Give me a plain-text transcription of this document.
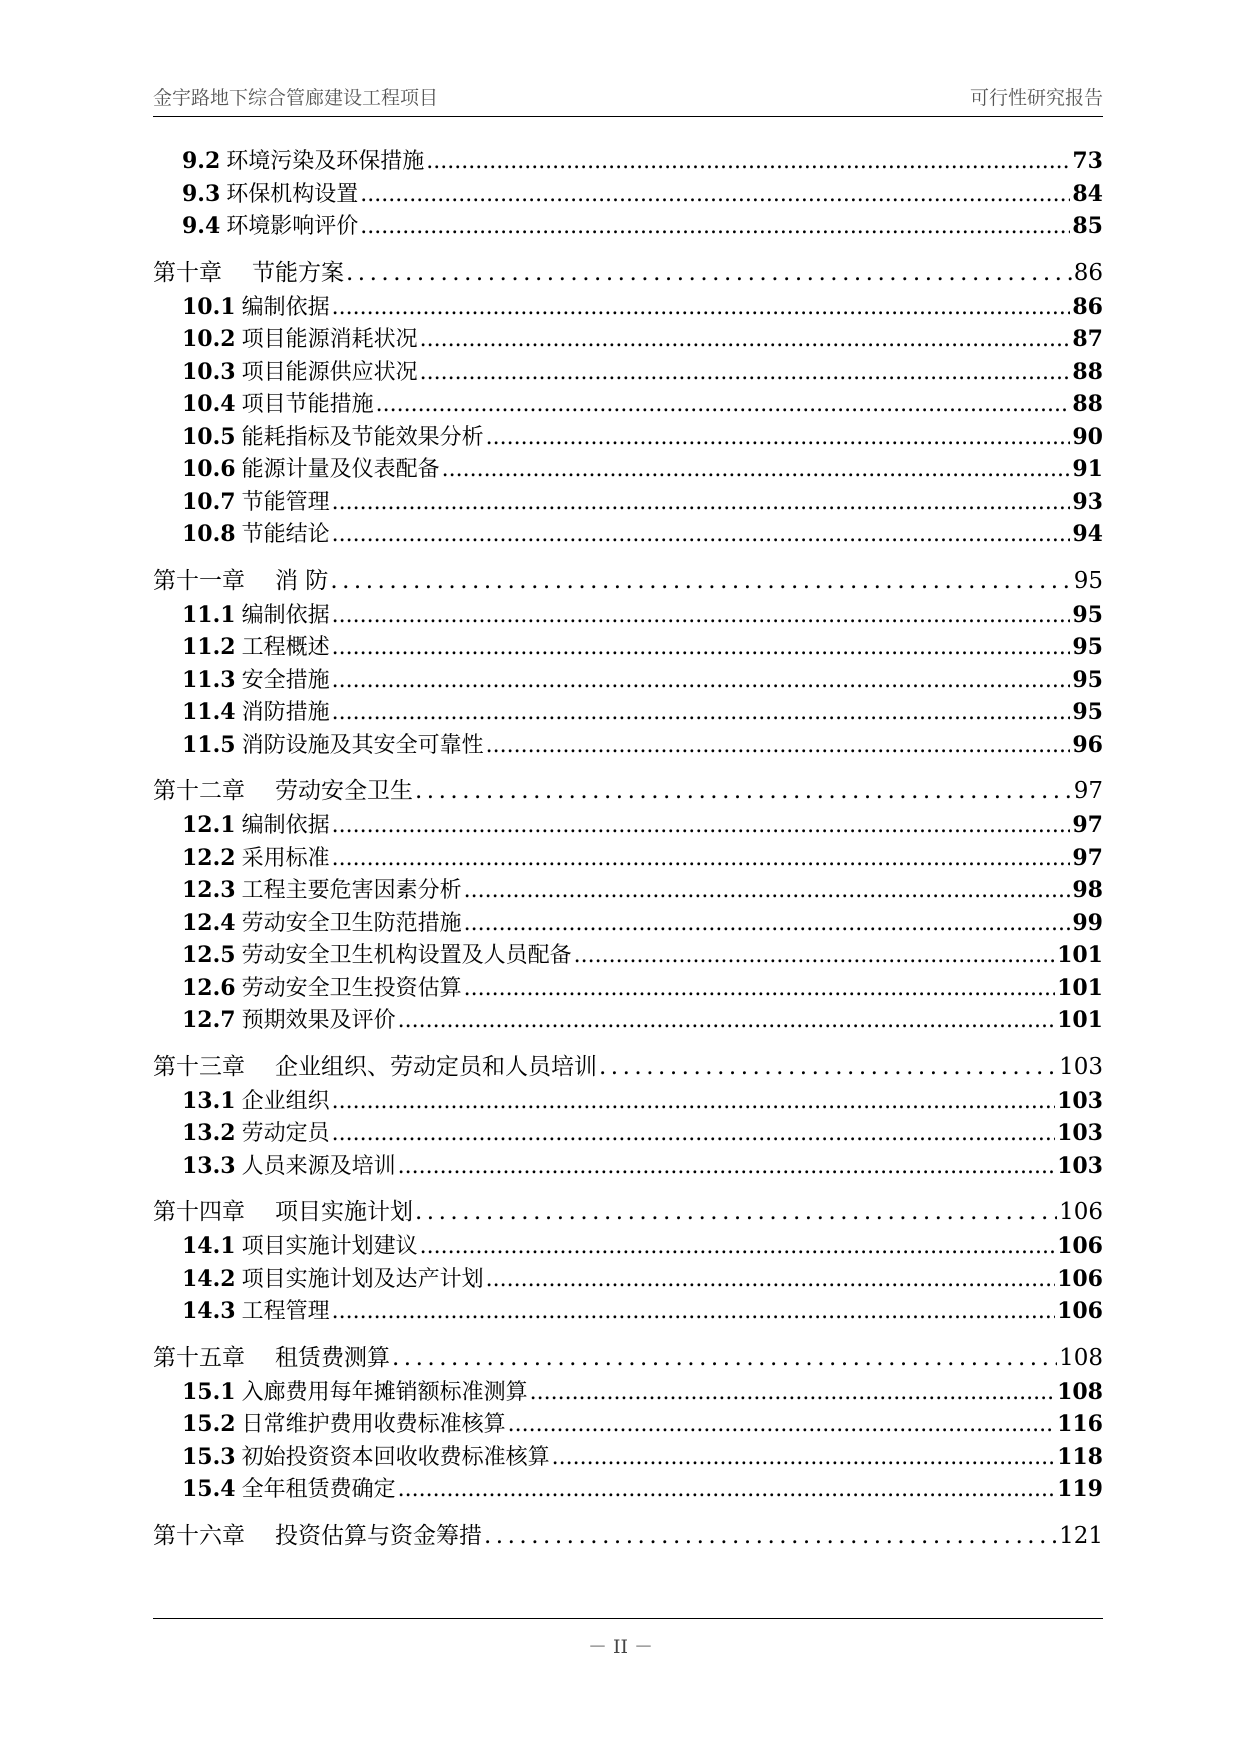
金宇路地下综合管廊建设工程项目	可行性研究报告
9.2 环境污染及环保措施 .....	73
9.3 环保机构设置 .....	84
9.4 环境影响评价 .....	85
第十章 节能方案 .....	86
10.1 编制依据 .....	86
10.2 项目能源消耗状况 .....	87
10.3 项目能源供应状况 .....	88
10.4 项目节能措施 .....	88
10.5 能耗指标及节能效果分析 .....	90
10.6 能源计量及仪表配备 .....	91
10.7 节能管理 .....	93
10.8 节能结论 .....	94
第十一章 消 防 .....	95
11.1 编制依据 .....	95
11.2 工程概述 .....	95
11.3 安全措施 .....	95
11.4 消防措施 .....	95
11.5 消防设施及其安全可靠性 .....	96
第十二章 劳动安全卫生 .....	97
12.1 编制依据 .....	97
12.2 采用标准 .....	97
12.3 工程主要危害因素分析 .....	98
12.4 劳动安全卫生防范措施 .....	99
12.5 劳动安全卫生机构设置及人员配备 .....	101
12.6 劳动安全卫生投资估算 .....	101
12.7 预期效果及评价 .....	101
第十三章 企业组织、劳动定员和人员培训 .....	103
13.1 企业组织 .....	103
13.2 劳动定员 .....	103
13.3 人员来源及培训 .....	103
第十四章 项目实施计划 .....	106
14.1 项目实施计划建议 .....	106
14.2 项目实施计划及达产计划 .....	106
14.3 工程管理 .....	106
第十五章 租赁费测算 .....	108
15.1 入廊费用每年摊销额标准测算 .....	108
15.2 日常维护费用收费标准核算 .....	116
15.3 初始投资资本回收收费标准核算 .....	118
15.4 全年租赁费确定 .....	119
第十六章 投资估算与资金筹措 .....	121
－ II －
